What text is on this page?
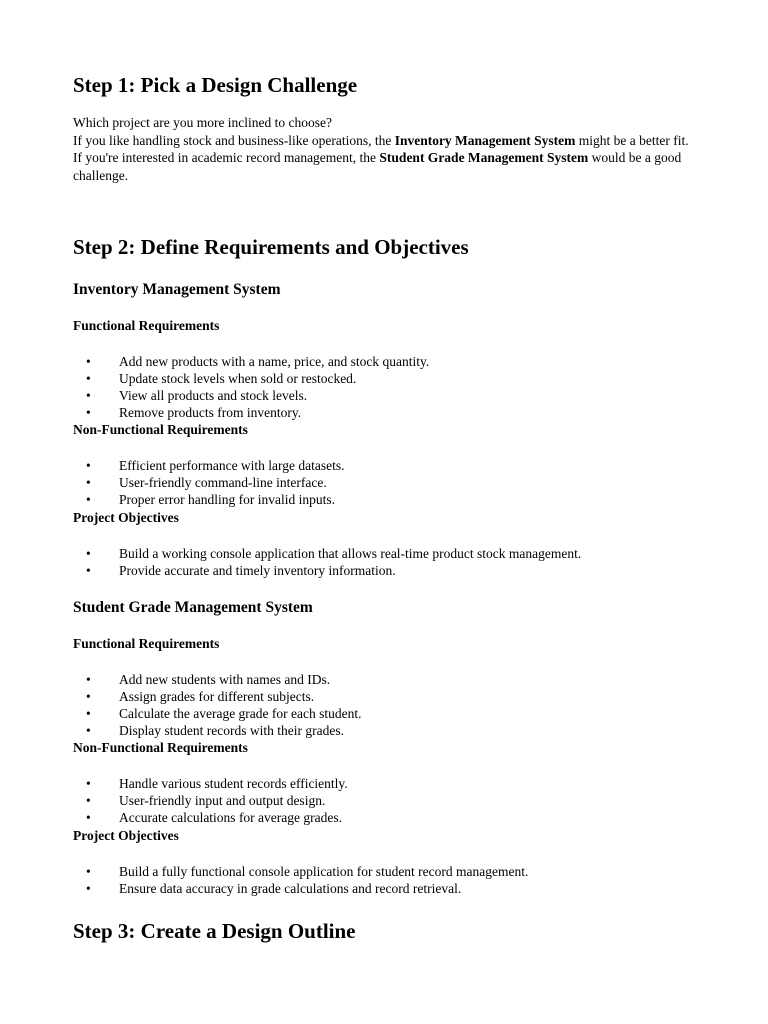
Step 1: Pick a Design Challenge

Which project are you more inclined to choose?

If you like handling stock and business-like operations, the Inventory Management System might be a better fit.

If you're interested in academic record management, the Student Grade Management System would be a good challenge.

Step 2: Define Requirements and Objectives
Inventory Management System
Functional Requirements
•	Add new products with a name, price, and stock quantity.
•	Update stock levels when sold or restocked.
•	View all products and stock levels.
•	Remove products from inventory.
Non-Functional Requirements
•	Efficient performance with large datasets.
•	User-friendly command-line interface.
•	Proper error handling for invalid inputs.
Project Objectives
•	Build a working console application that allows real-time product stock management.
•	Provide accurate and timely inventory information.
Student Grade Management System
Functional Requirements
•	Add new students with names and IDs.
•	Assign grades for different subjects.
•	Calculate the average grade for each student.
•	Display student records with their grades.
Non-Functional Requirements
•	Handle various student records efficiently.
•	User-friendly input and output design.
•	Accurate calculations for average grades.
Project Objectives
•	Build a fully functional console application for student record management.
•	Ensure data accuracy in grade calculations and record retrieval.
Step 3: Create a Design Outline
